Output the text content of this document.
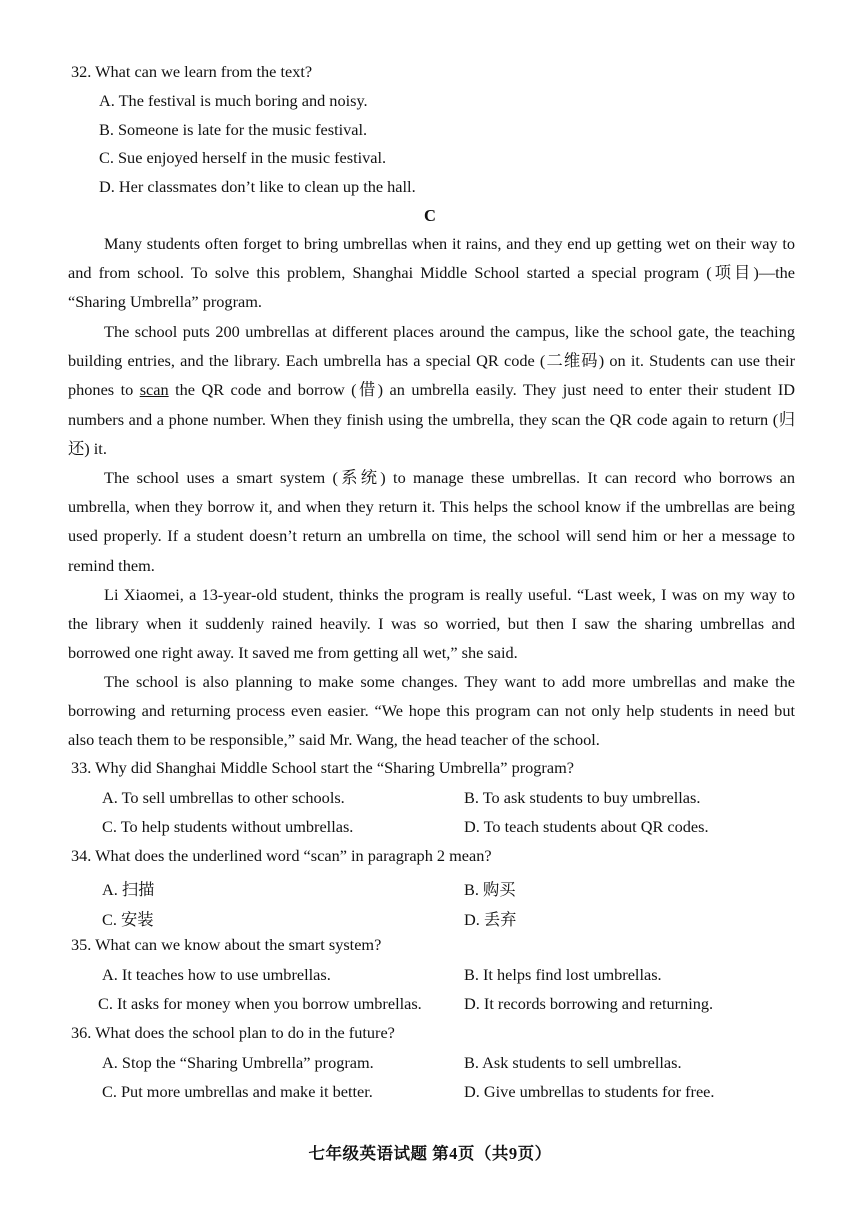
32. What can we learn from the text?
A. The festival is much boring and noisy.
B. Someone is late for the music festival.
C. Sue enjoyed herself in the music festival.
D. Her classmates don’t like to clean up the hall.
C
Many students often forget to bring umbrellas when it rains, and they end up getting wet on their way to and from school. To solve this problem, Shanghai Middle School started a special program (项目)—the “Sharing Umbrella” program.
The school puts 200 umbrellas at different places around the campus, like the school gate, the teaching building entries, and the library. Each umbrella has a special QR code (二维码) on it. Students can use their phones to scan the QR code and borrow (借) an umbrella easily. They just need to enter their student ID numbers and a phone number. When they finish using the umbrella, they scan the QR code again to return (归还) it.
The school uses a smart system (系统) to manage these umbrellas. It can record who borrows an umbrella, when they borrow it, and when they return it. This helps the school know if the umbrellas are being used properly. If a student doesn’t return an umbrella on time, the school will send him or her a message to remind them.
Li Xiaomei, a 13-year-old student, thinks the program is really useful. “Last week, I was on my way to the library when it suddenly rained heavily. I was so worried, but then I saw the sharing umbrellas and borrowed one right away. It saved me from getting all wet,” she said.
The school is also planning to make some changes. They want to add more umbrellas and make the borrowing and returning process even easier. “We hope this program can not only help students in need but also teach them to be responsible,” said Mr. Wang, the head teacher of the school.
33. Why did Shanghai Middle School start the “Sharing Umbrella” program?
A. To sell umbrellas to other schools.	B. To ask students to buy umbrellas.
C. To help students without umbrellas.	D. To teach students about QR codes.
34. What does the underlined word “scan” in paragraph 2 mean?
A. 扫描	B. 购买
C. 安装	D. 丢弃
35. What can we know about the smart system?
A. It teaches how to use umbrellas.	B. It helps find lost umbrellas.
C. It asks for money when you borrow umbrellas.	D. It records borrowing and returning.
36. What does the school plan to do in the future?
A. Stop the “Sharing Umbrella” program.	B. Ask students to sell umbrellas.
C. Put more umbrellas and make it better.	D. Give umbrellas to students for free.
七年级英语试题 第4页（共9页）
